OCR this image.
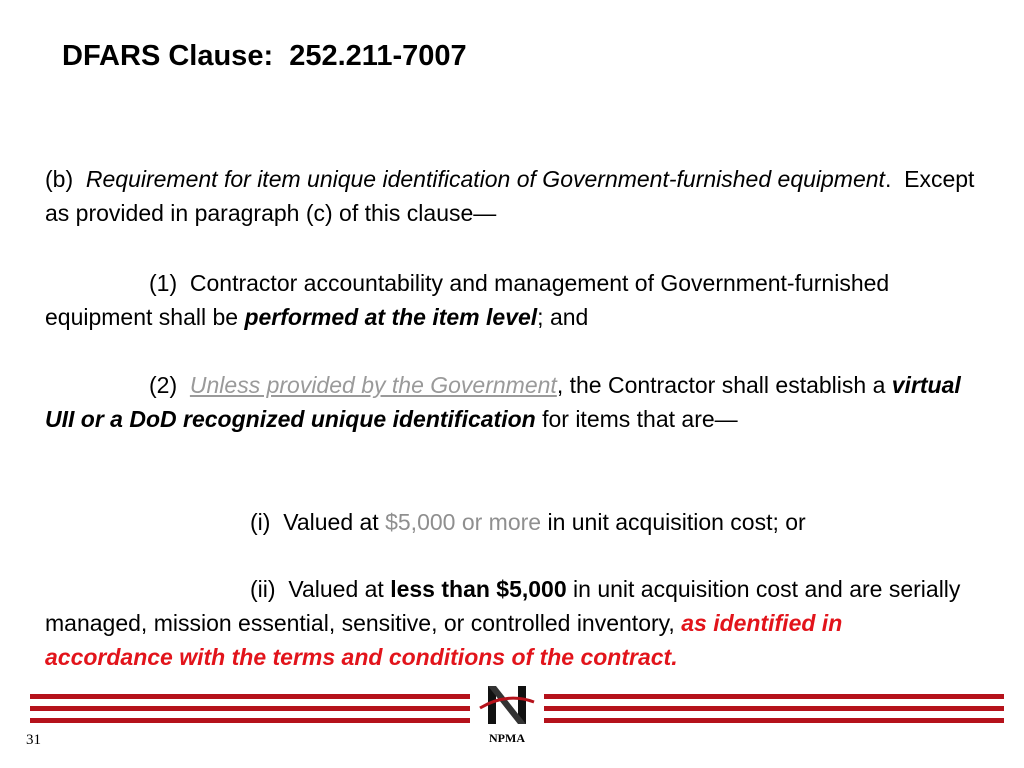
DFARS Clause:  252.211-7007

(b)  Requirement for item unique identification of Government-furnished equipment.  Except as provided in paragraph (c) of this clause—

(1)  Contractor accountability and management of Government-furnished equipment shall be performed at the item level; and

(2)  Unless provided by the Government, the Contractor shall establish a virtual UII or a DoD recognized unique identification for items that are—

(i)  Valued at $5,000 or more in unit acquisition cost; or

(ii)  Valued at less than $5,000 in unit acquisition cost and are serially managed, mission essential, sensitive, or controlled inventory, as identified in accordance with the terms and conditions of the contract.

NPMA
31
